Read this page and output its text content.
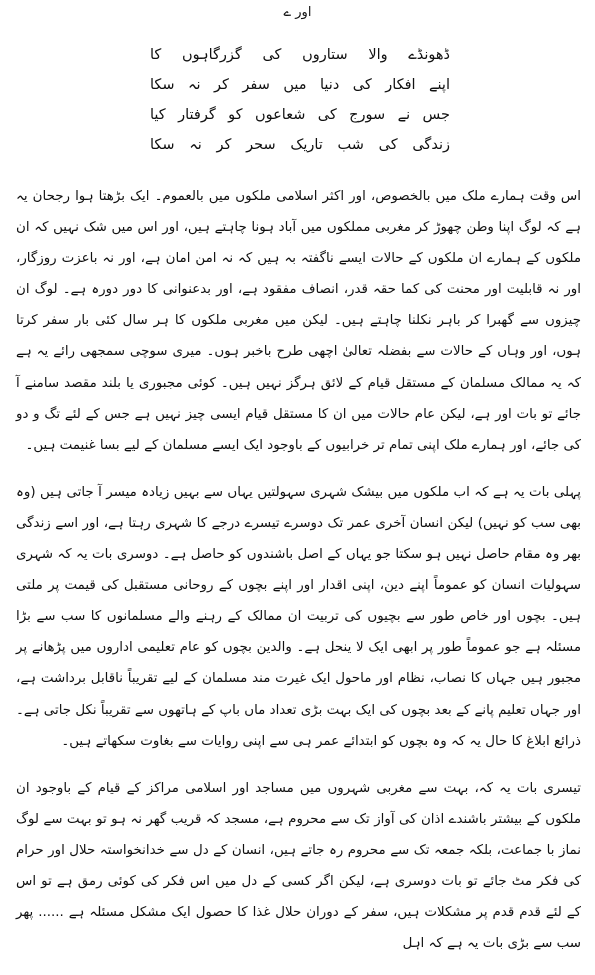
اور ے
ڈھونڈے والا ستاروں کی گزرگاہوں کا
اپنے افکار کی دنیا میں سفر کر نہ سکا
جس نے سورج کی شعاعوں کو گرفتار کیا
زندگی کی شب تاریک سحر کر نہ سکا

اس وقت ہمارے ملک میں بالخصوص، اور اکثر اسلامی ملکوں میں بالعموم۔ ایک بڑھتا ہوا رجحان یہ ہے کہ لوگ اپنا وطن چھوڑ کر مغربی مملکوں میں آباد ہونا چاہتے ہیں، اور اس میں شک نہیں کہ ان ملکوں کے ہمارے ان ملکوں کے حالات ایسے ناگفتہ بہ ہیں کہ نہ امن امان ہے، اور نہ باعزت روزگار، اور نہ قابلیت اور محنت کی کما حقہ قدر، انصاف مفقود ہے، اور بدعنوانی کا دور دورہ ہے۔ لوگ ان چیزوں سے گھبرا کر باہر نکلنا چاہتے ہیں۔ لیکن میں مغربی ملکوں کا ہر سال کئی بار سفر کرتا ہوں، اور وہاں کے حالات سے بفضلہ تعالیٰ اچھی طرح باخبر ہوں۔ میری سوچی سمجھی رائے یہ ہے کہ یہ ممالک مسلمان کے مستقل قیام کے لائق ہرگز نہیں ہیں۔ کوئی مجبوری یا بلند مقصد سامنے آ جائے تو بات اور ہے، لیکن عام حالات میں ان کا مستقل قیام ایسی چیز نہیں ہے جس کے لئے تگ و دو کی جائے، اور ہمارے ملک اپنی تمام تر خرابیوں کے باوجود ایک ایسے مسلمان کے لیے بسا غنیمت ہیں۔

پہلی بات یہ ہے کہ اب ملکوں میں بیشک شہری سہولتیں یہاں سے بہیں زیادہ میسر آ جاتی ہیں (وہ بھی سب کو نہیں) لیکن انسان آخری عمر تک دوسرے تیسرے درجے کا شہری رہتا ہے، اور اسے زندگی بھر وہ مقام حاصل نہیں ہو سکتا جو یہاں کے اصل باشندوں کو حاصل ہے۔ دوسری بات یہ کہ شہری سہولیات انسان کو عموماً اپنے دین، اپنی اقدار اور اپنے بچوں کے روحانی مستقبل کی قیمت پر ملتی ہیں۔ بچوں اور خاص طور سے بچیوں کی تربیت ان ممالک کے رہنے والے مسلمانوں کا سب سے بڑا مسئلہ ہے جو عموماً طور پر ابھی ایک لا ینحل ہے۔ والدین بچوں کو عام تعلیمی اداروں میں پڑھانے پر مجبور ہیں جہاں کا نصاب، نظام اور ماحول ایک غیرت مند مسلمان کے لیے تقریباً ناقابل برداشت ہے، اور جہاں تعلیم پانے کے بعد بچوں کی ایک بہت بڑی تعداد ماں باپ کے ہاتھوں سے تقریباً نکل جاتی ہے۔ ذرائع ابلاغ کا حال یہ کہ وہ بچوں کو ابتدائے عمر ہی سے اپنی روایات سے بغاوت سکھاتے ہیں۔

تیسری بات یہ کہ، بہت سے مغربی شہروں میں مساجد اور اسلامی مراکز کے قیام کے باوجود ان ملکوں کے بیشتر باشندے اذان کی آواز تک سے محروم ہے، مسجد کہ قریب گھر نہ ہو تو بہت سے لوگ نماز با جماعت، بلکہ جمعہ تک سے محروم رہ جاتے ہیں، انسان کے دل سے خدانخواستہ حلال اور حرام کی فکر مٹ جائے تو بات دوسری ہے، لیکن اگر کسی کے دل میں اس فکر کی کوئی رمق ہے تو اس کے لئے قدم قدم پر مشکلات ہیں، سفر کے دوران حلال غذا کا حصول ایک مشکل مسئلہ ہے ...... پھر سب سے بڑی بات یہ ہے کہ اہل
